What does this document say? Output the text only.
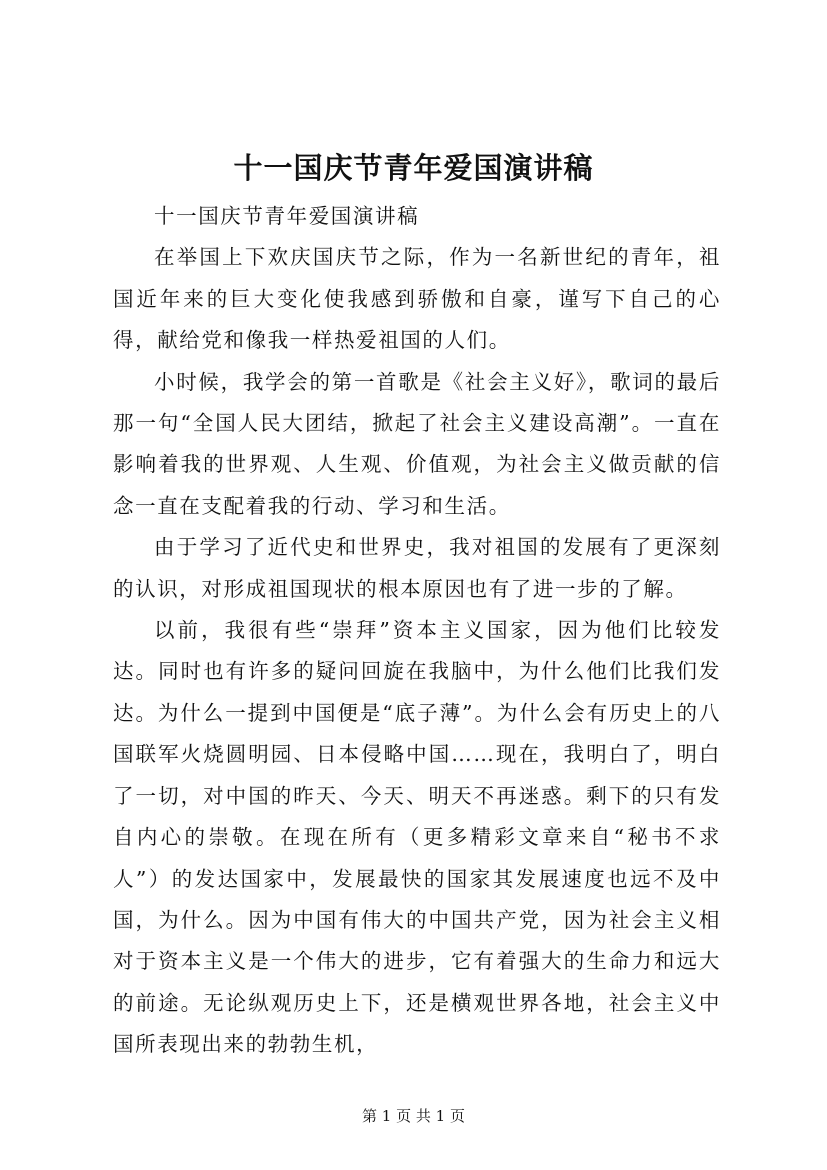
十一国庆节青年爱国演讲稿

十一国庆节青年爱国演讲稿

在举国上下欢庆国庆节之际，作为一名新世纪的青年，祖国近年来的巨大变化使我感到骄傲和自豪，谨写下自己的心得，献给党和像我一样热爱祖国的人们。

小时候，我学会的第一首歌是《社会主义好》，歌词的最后那一句“全国人民大团结，掀起了社会主义建设高潮”。一直在影响着我的世界观、人生观、价值观，为社会主义做贡献的信念一直在支配着我的行动、学习和生活。

由于学习了近代史和世界史，我对祖国的发展有了更深刻的认识，对形成祖国现状的根本原因也有了进一步的了解。

以前，我很有些“崇拜”资本主义国家，因为他们比较发达。同时也有许多的疑问回旋在我脑中，为什么他们比我们发达。为什么一提到中国便是“底子薄”。为什么会有历史上的八国联军火烧圆明园、日本侵略中国……现在，我明白了，明白了一切，对中国的昨天、今天、明天不再迷惑。剩下的只有发自内心的崇敬。在现在所有（更多精彩文章来自“秘书不求人”）的发达国家中，发展最快的国家其发展速度也远不及中国，为什么。因为中国有伟大的中国共产党，因为社会主义相对于资本主义是一个伟大的进步，它有着强大的生命力和远大的前途。无论纵观历史上下，还是横观世界各地，社会主义中国所表现出来的勃勃生机，

第 1 页 共 1 页
